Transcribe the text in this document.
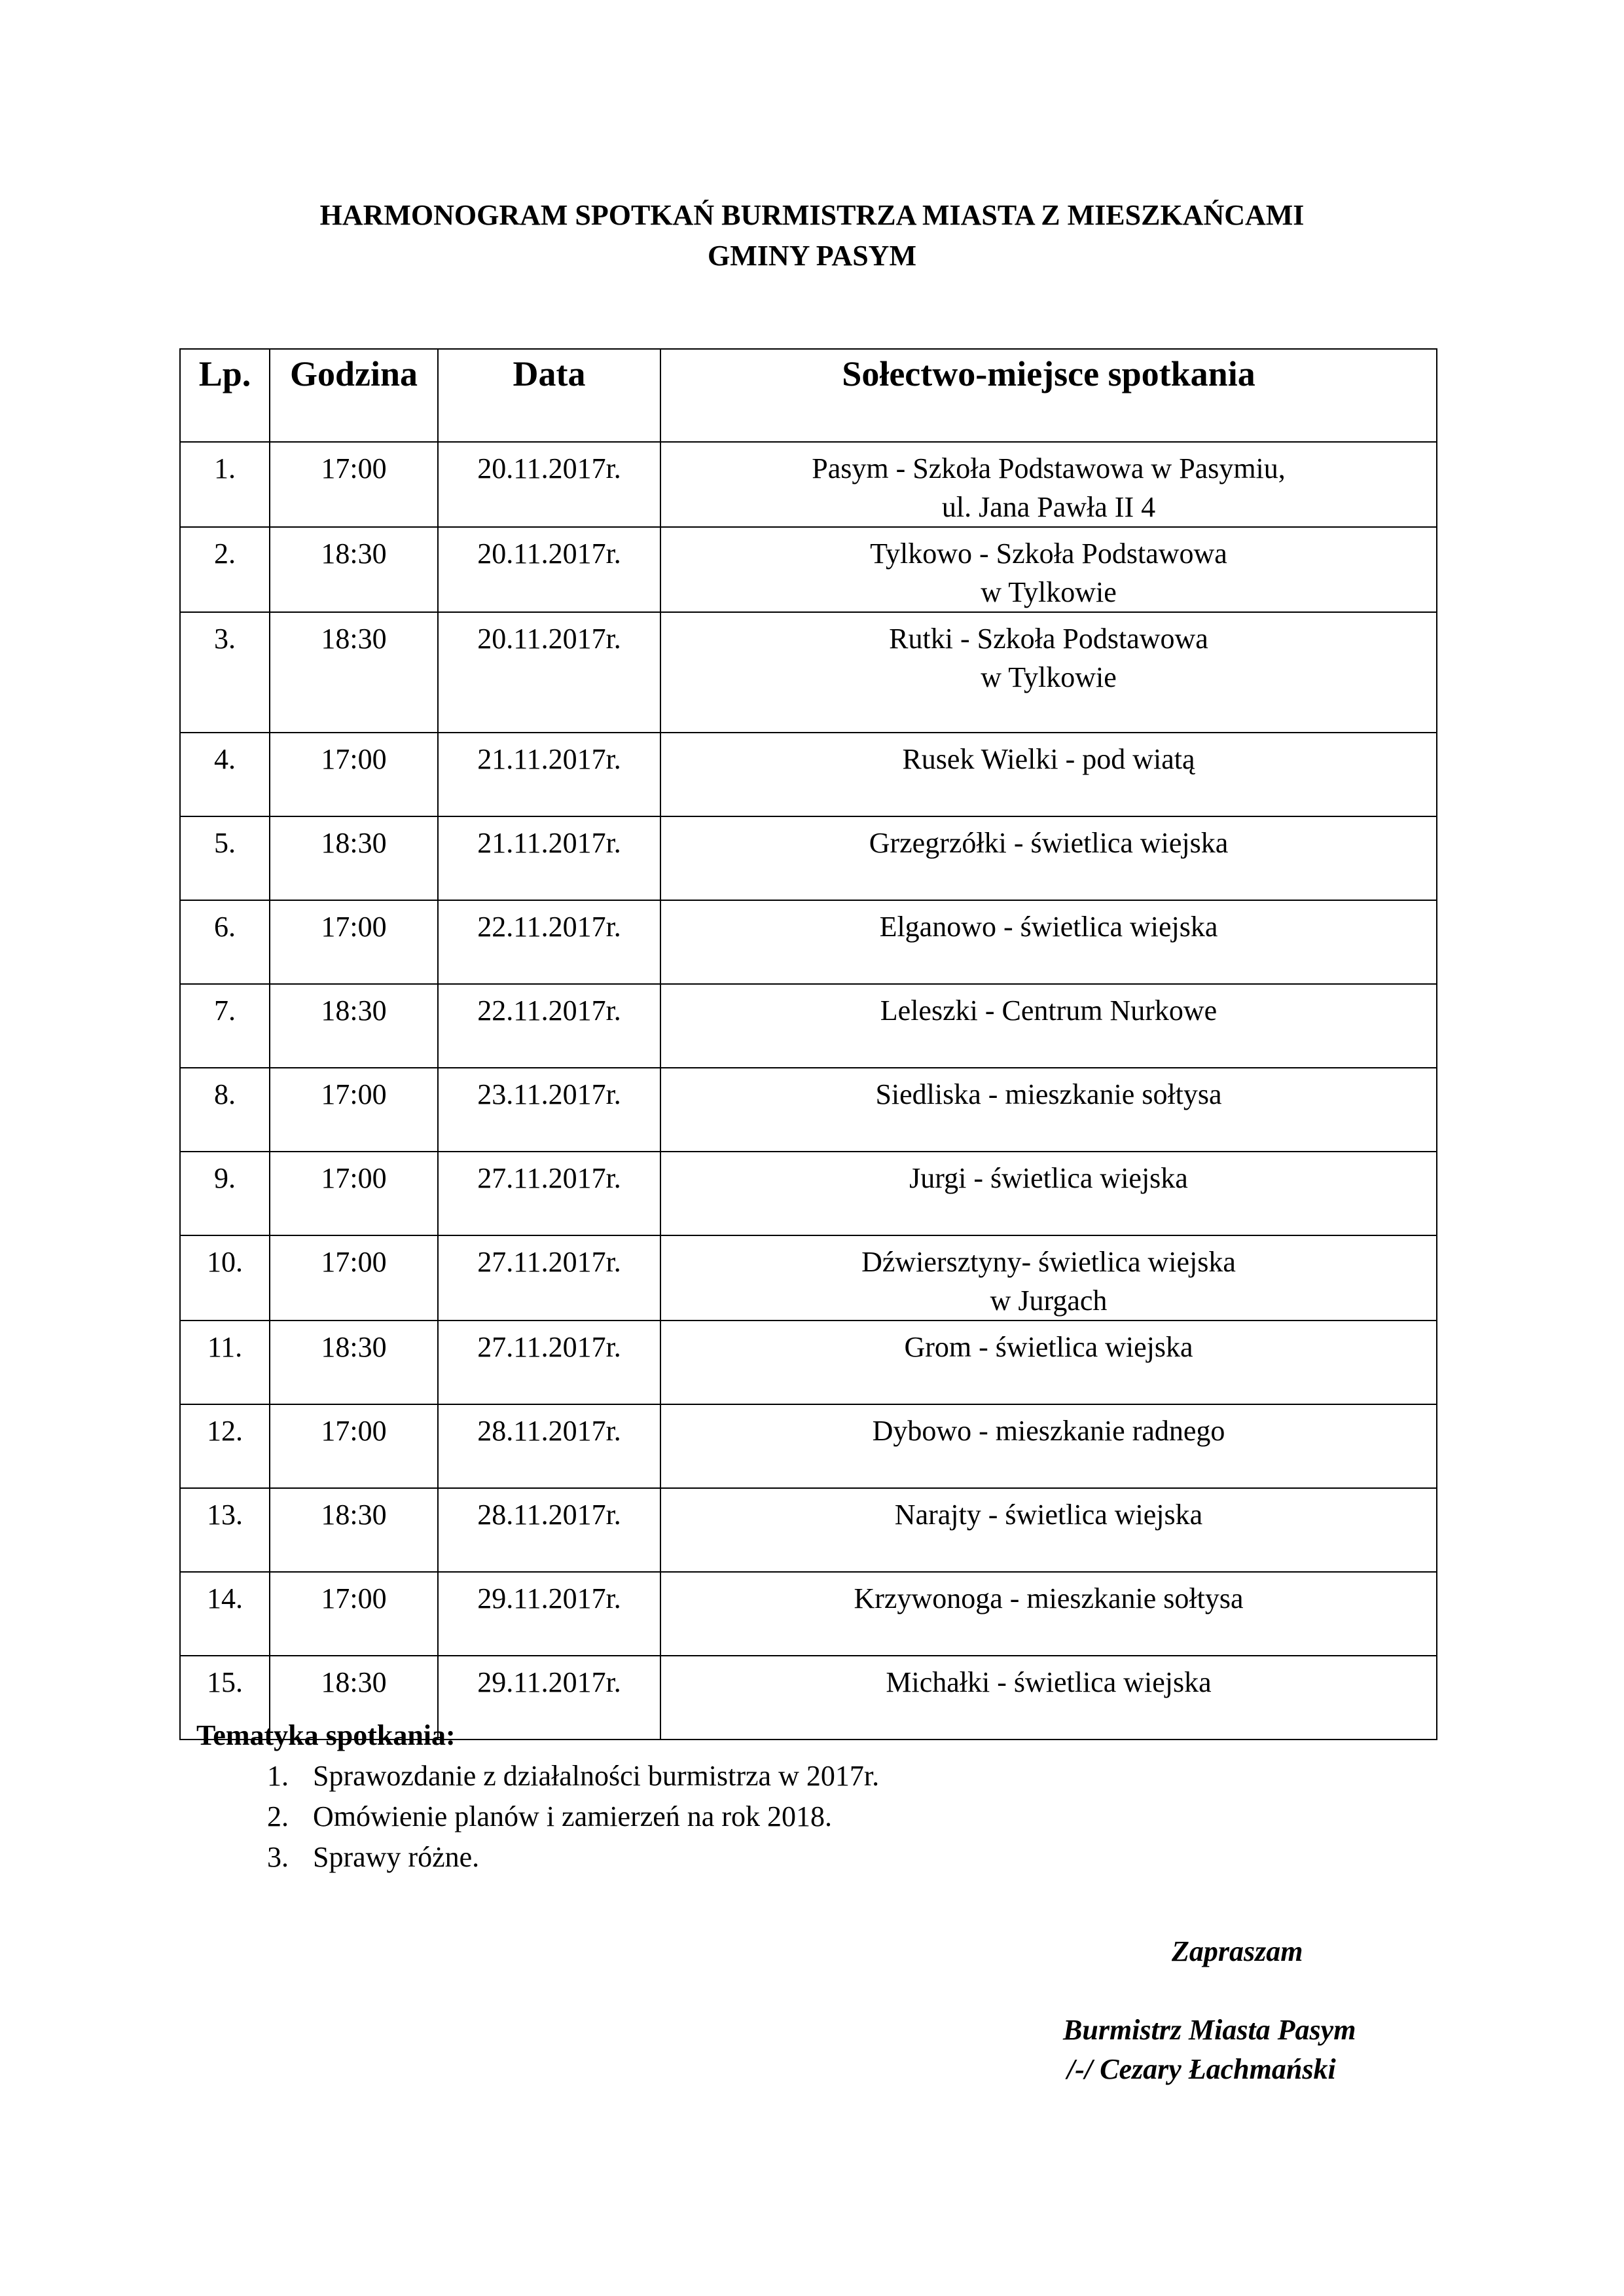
HARMONOGRAM SPOTKAŃ BURMISTRZA MIASTA Z MIESZKAŃCAMI
GMINY PASYM
Lp.	Godzina	Data	Sołectwo-miejsce spotkania
1.	17:00	20.11.2017r.	Pasym - Szkoła Podstawowa w Pasymiu,
ul. Jana Pawła II 4

2.	18:30	20.11.2017r.	Tylkowo - Szkoła Podstawowa
w Tylkowie

3.	18:30	20.11.2017r.	Rutki - Szkoła Podstawowa
w Tylkowie

4.	17:00	21.11.2017r.	Rusek Wielki - pod wiatą

5.	18:30	21.11.2017r.	Grzegrzółki - świetlica wiejska

6.	17:00	22.11.2017r.	Elganowo - świetlica wiejska

7.	18:30	22.11.2017r.	Leleszki - Centrum Nurkowe

8.	17:00	23.11.2017r.	Siedliska - mieszkanie sołtysa

9.	17:00	27.11.2017r.	Jurgi - świetlica wiejska

10.	17:00	27.11.2017r.	Dźwiersztyny- świetlica wiejska
w Jurgach

11.	18:30	27.11.2017r.	Grom - świetlica wiejska

12.	17:00	28.11.2017r.	Dybowo - mieszkanie radnego

13.	18:30	28.11.2017r.	Narajty - świetlica wiejska

14.	17:00	29.11.2017r.	Krzywonoga - mieszkanie sołtysa

15.	18:30	29.11.2017r.	Michałki - świetlica wiejska
Tematyka spotkania:
1. Sprawozdanie z działalności burmistrza w 2017r.
2. Omówienie planów i zamierzeń na rok 2018.
3. Sprawy różne.
Zapraszam
Burmistrz Miasta Pasym
/-/ Cezary Łachmański
